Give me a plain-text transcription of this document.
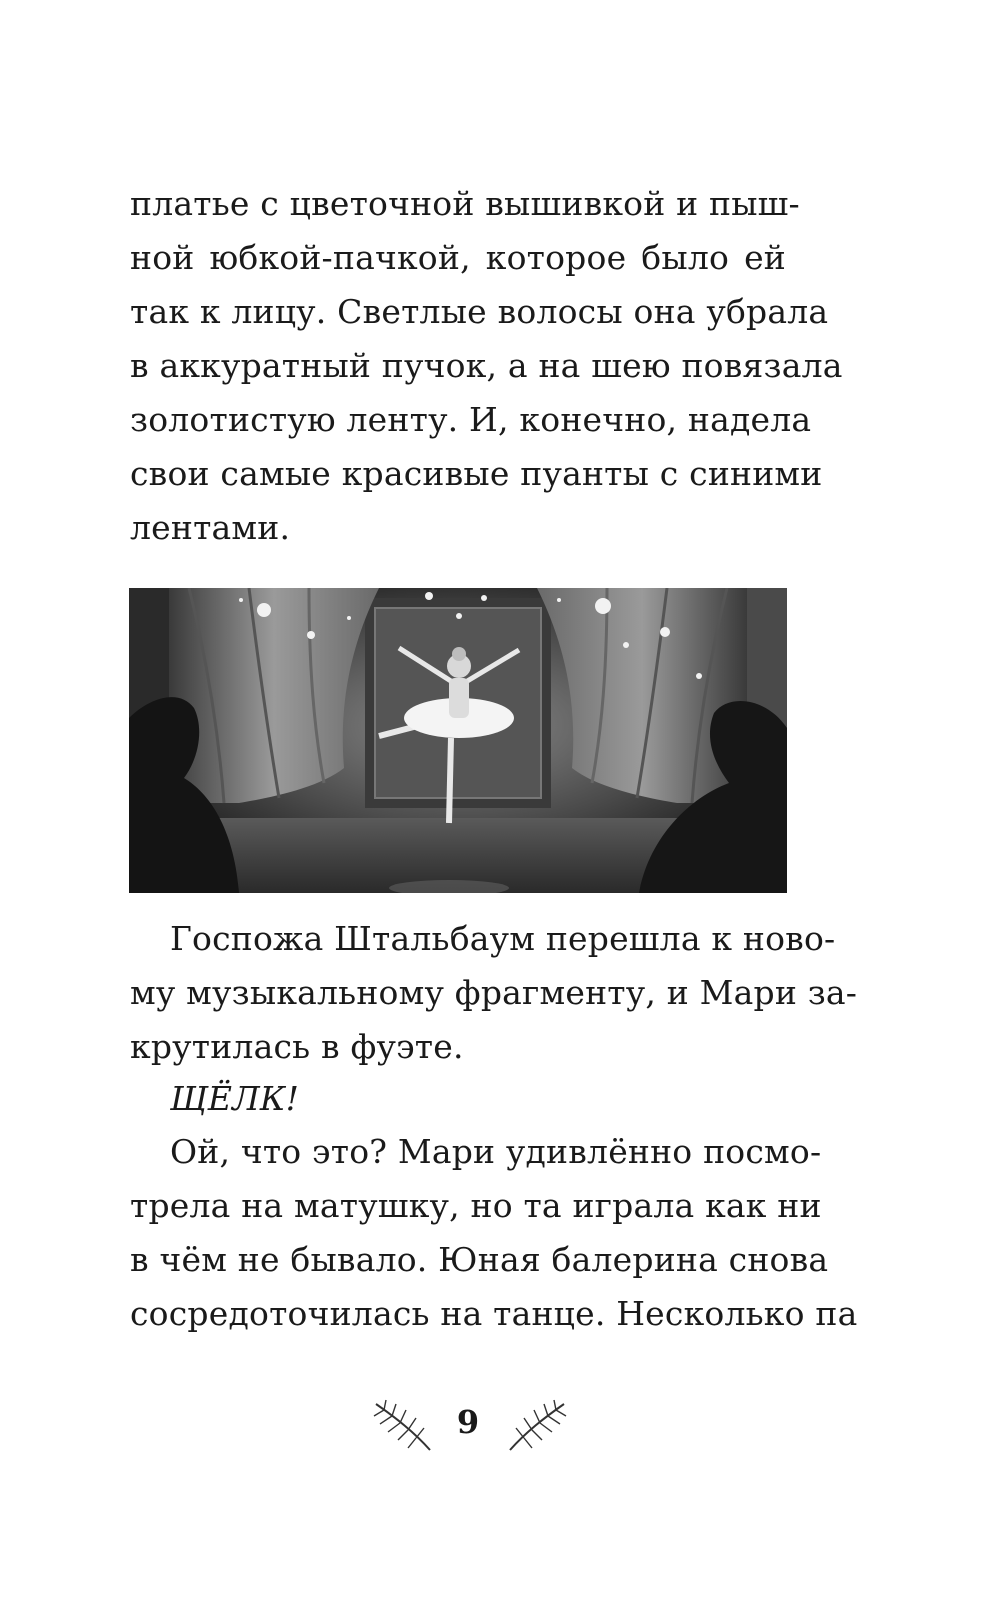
платье с цветочной вышивкой и пыш-
ной юбкой-пачкой, которое было ей
так к лицу. Светлые волосы она убрала
в аккуратный пучок, а на шею повязала
золотистую ленту. И, конечно, надела
свои самые красивые пуанты с синими
лентами.
Госпожа Штальбаум перешла к ново-
му музыкальному фрагменту, и Мари за-
крутилась в фуэте.
ЩЁЛК!
Ой, что это? Мари удивлённо посмо-
трела на матушку, но та играла как ни
в чём не бывало. Юная балерина снова
сосредоточилась на танце. Несколько па
9
